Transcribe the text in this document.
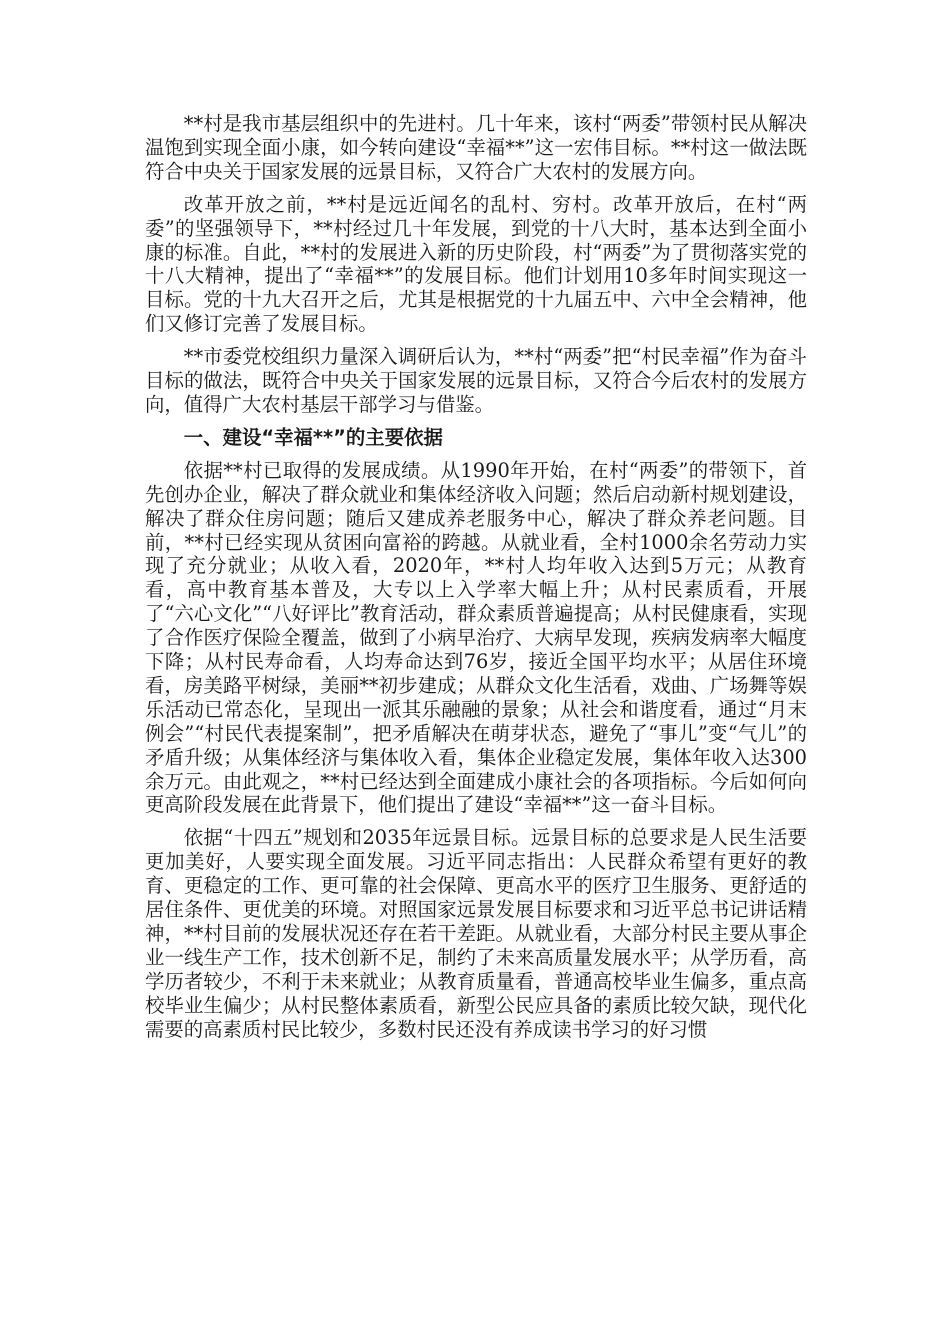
**村是我市基层组织中的先进村。几十年来，该村“两委”带领村民从解决温饱到实现全面小康，如今转向建设“幸福**”这一宏伟目标。**村这一做法既符合中央关于国家发展的远景目标，又符合广大农村的发展方向。

改革开放之前，**村是远近闻名的乱村、穷村。改革开放后，在村“两委”的坚强领导下，**村经过几十年发展，到党的十八大时，基本达到全面小康的标准。自此，**村的发展进入新的历史阶段，村“两委”为了贯彻落实党的十八大精神，提出了“幸福**”的发展目标。他们计划用10多年时间实现这一目标。党的十九大召开之后，尤其是根据党的十九届五中、六中全会精神，他们又修订完善了发展目标。

**市委党校组织力量深入调研后认为，**村“两委”把“村民幸福”作为奋斗目标的做法，既符合中央关于国家发展的远景目标，又符合今后农村的发展方向，值得广大农村基层干部学习与借鉴。

一、建设“幸福**”的主要依据

依据**村已取得的发展成绩。从1990年开始，在村“两委”的带领下，首先创办企业，解决了群众就业和集体经济收入问题；然后启动新村规划建设，解决了群众住房问题；随后又建成养老服务中心，解决了群众养老问题。目前，**村已经实现从贫困向富裕的跨越。从就业看，全村1000余名劳动力实现了充分就业；从收入看，2020年，**村人均年收入达到5万元；从教育看，高中教育基本普及，大专以上入学率大幅上升；从村民素质看，开展了“六心文化”“八好评比”教育活动，群众素质普遍提高；从村民健康看，实现了合作医疗保险全覆盖，做到了小病早治疗、大病早发现，疾病发病率大幅度下降；从村民寿命看，人均寿命达到76岁，接近全国平均水平；从居住环境看，房美路平树绿，美丽**初步建成；从群众文化生活看，戏曲、广场舞等娱乐活动已常态化，呈现出一派其乐融融的景象；从社会和谐度看，通过“月末例会”“村民代表提案制”，把矛盾解决在萌芽状态，避免了“事儿”变“气儿”的矛盾升级；从集体经济与集体收入看，集体企业稳定发展，集体年收入达300余万元。由此观之，**村已经达到全面建成小康社会的各项指标。今后如何向更高阶段发展在此背景下，他们提出了建设“幸福**”这一奋斗目标。

依据“十四五”规划和2035年远景目标。远景目标的总要求是人民生活要更加美好，人要实现全面发展。习近平同志指出：人民群众希望有更好的教育、更稳定的工作、更可靠的社会保障、更高水平的医疗卫生服务、更舒适的居住条件、更优美的环境。对照国家远景发展目标要求和习近平总书记讲话精神，**村目前的发展状况还存在若干差距。从就业看，大部分村民主要从事企业一线生产工作，技术创新不足，制约了未来高质量发展水平；从学历看，高学历者较少，不利于未来就业；从教育质量看，普通高校毕业生偏多，重点高校毕业生偏少；从村民整体素质看，新型公民应具备的素质比较欠缺，现代化需要的高素质村民比较少，多数村民还没有养成读书学习的好习惯
